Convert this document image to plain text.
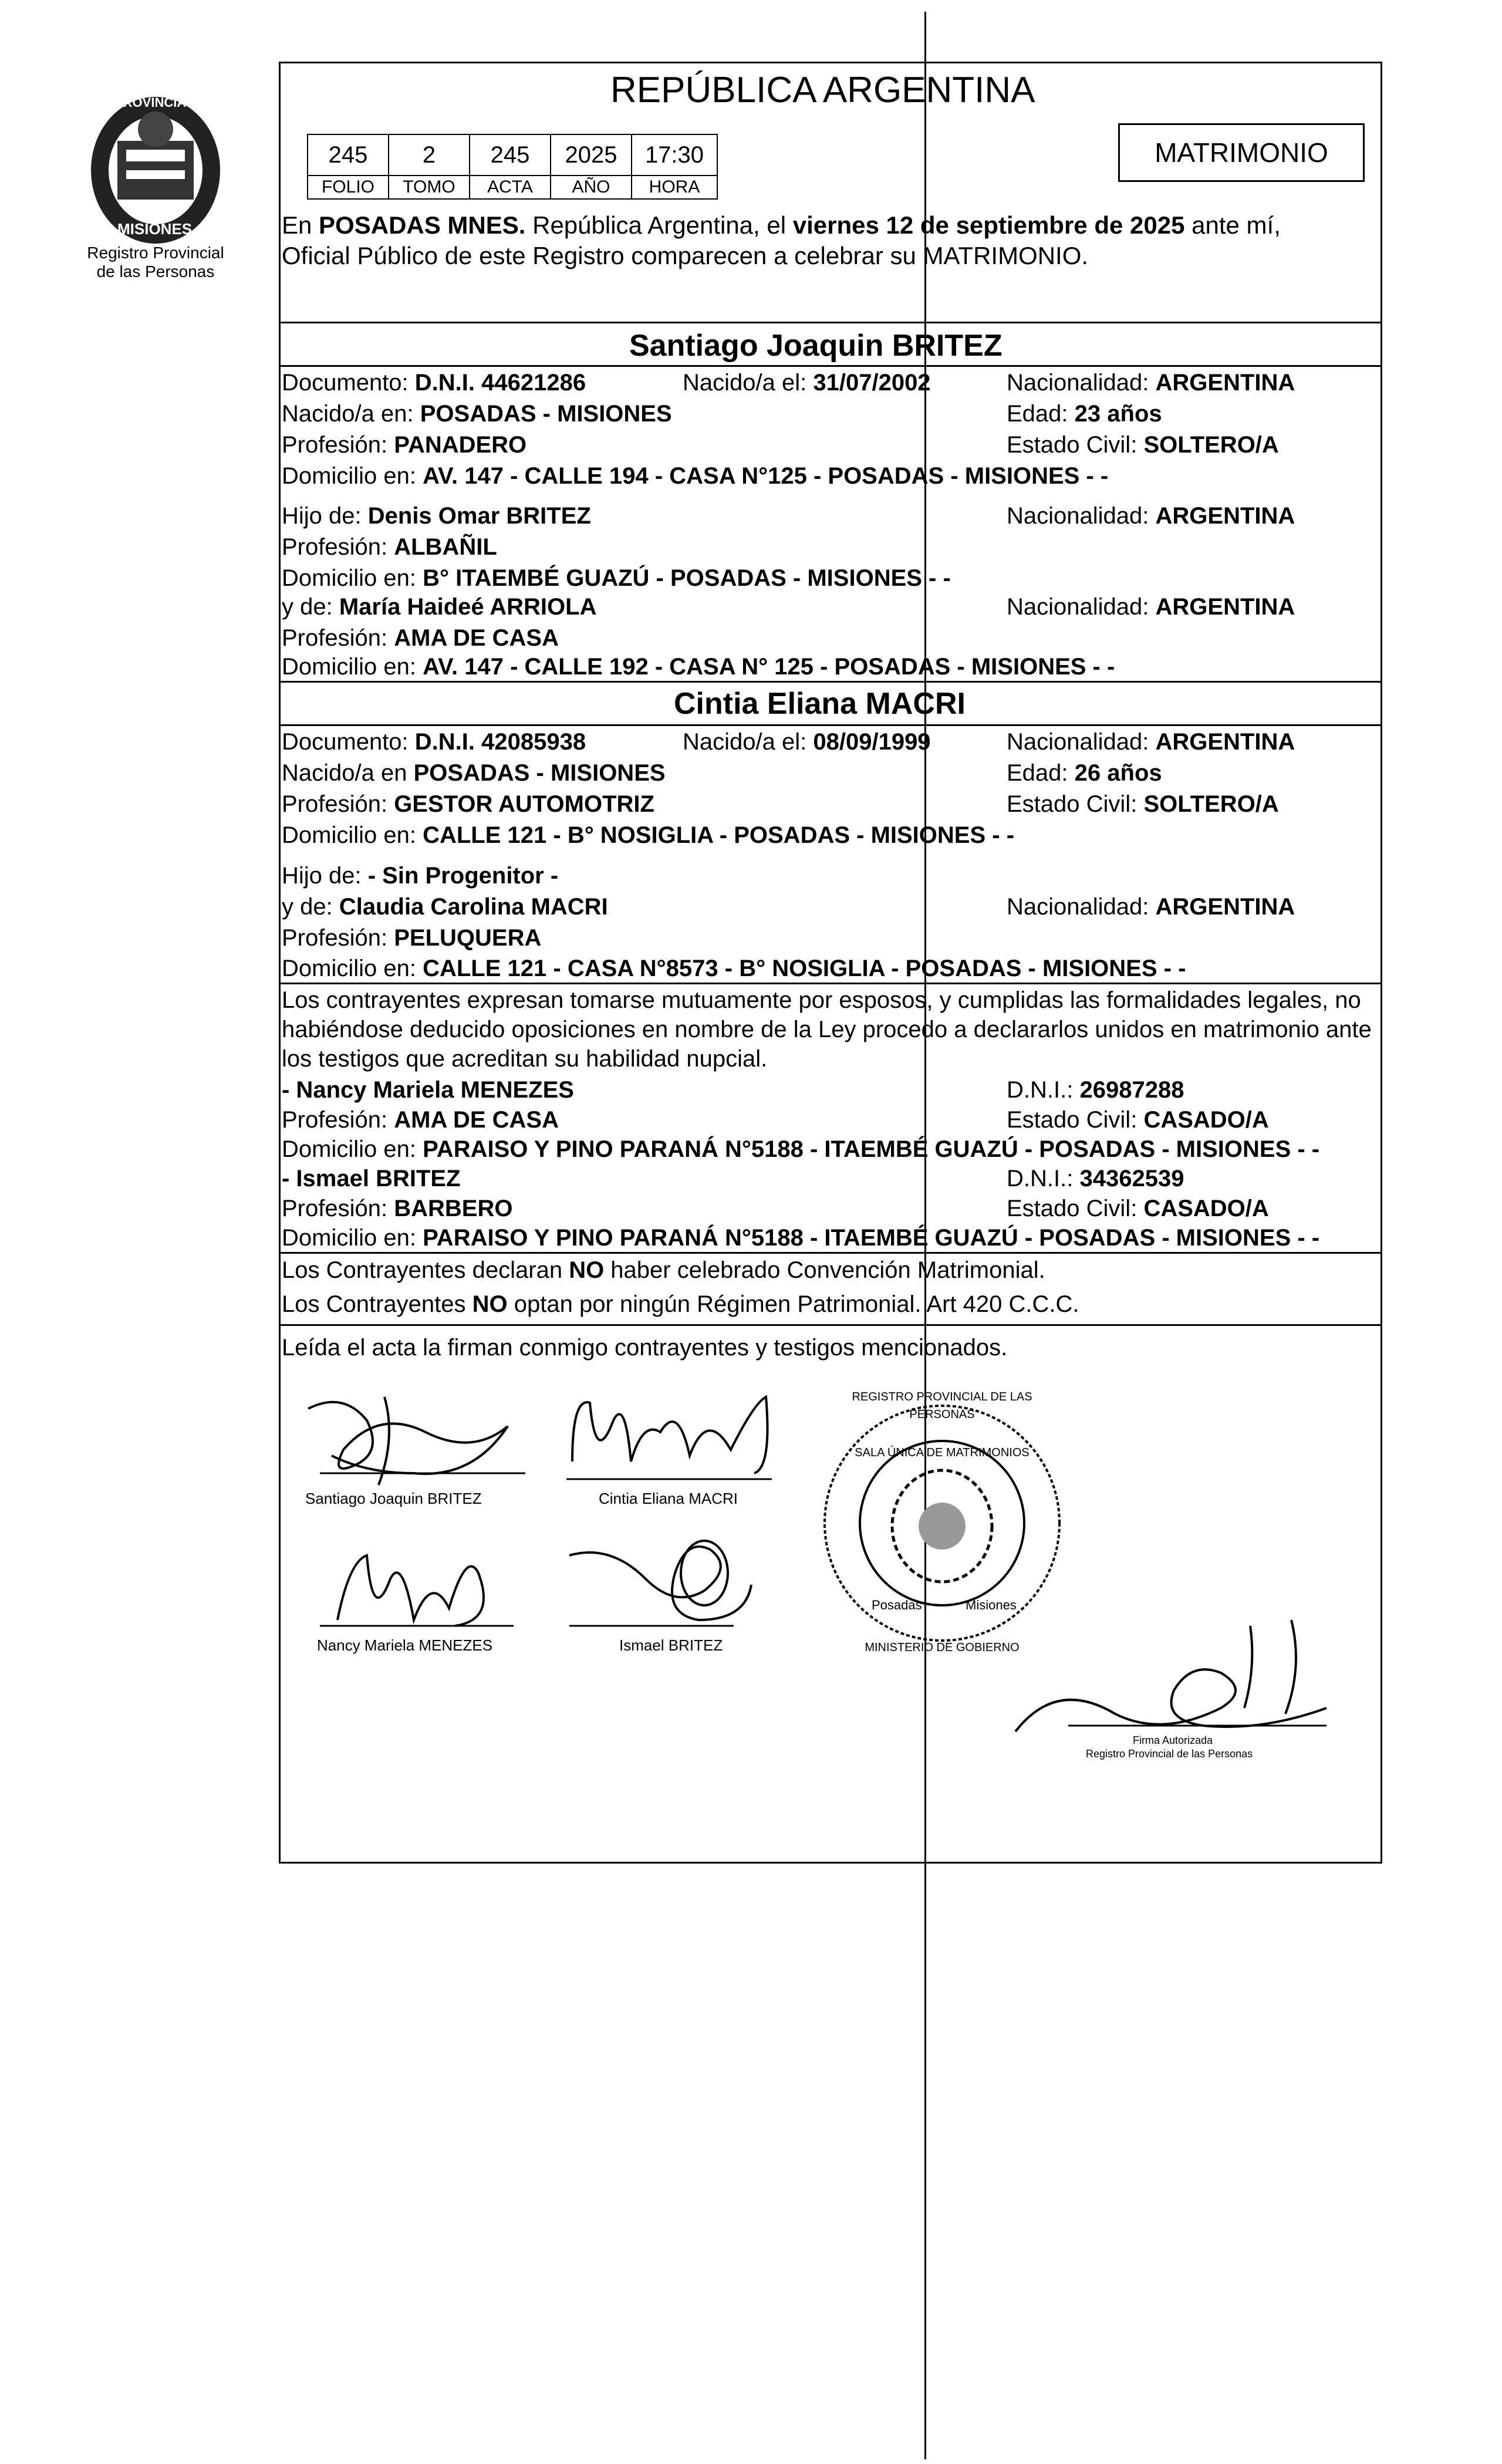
PROVINCIA DE
MISIONES
Registro Provincial
de las Personas
REPÚBLICA ARGENTINA
245	2	245	2025	17:30
FOLIO	TOMO	ACTA	AÑO	HORA
MATRIMONIO
En POSADAS MNES. República Argentina, el viernes 12 de septiembre de 2025 ante mí,
Oficial Público de este Registro comparecen a celebrar su MATRIMONIO.
Santiago Joaquin BRITEZ
Documento: D.N.I. 44621286	Nacido/a el: 31/07/2002	Nacionalidad: ARGENTINA
Nacido/a en: POSADAS - MISIONES	Edad: 23 años
Profesión: PANADERO	Estado Civil: SOLTERO/A
Domicilio en: AV. 147 - CALLE 194 - CASA N°125 - POSADAS - MISIONES - -
Hijo de: Denis Omar BRITEZ	Nacionalidad: ARGENTINA
Profesión: ALBAÑIL
Domicilio en: B° ITAEMBÉ GUAZÚ - POSADAS - MISIONES - -
y de: María Haideé ARRIOLA	Nacionalidad: ARGENTINA
Profesión: AMA DE CASA
Domicilio en: AV. 147 - CALLE 192 - CASA N° 125 - POSADAS - MISIONES - -
Cintia Eliana MACRI
Documento: D.N.I. 42085938	Nacido/a el: 08/09/1999	Nacionalidad: ARGENTINA
Nacido/a en POSADAS - MISIONES	Edad: 26 años
Profesión: GESTOR AUTOMOTRIZ	Estado Civil: SOLTERO/A
Domicilio en: CALLE 121 - B° NOSIGLIA - POSADAS - MISIONES - -
Hijo de: - Sin Progenitor -
y de: Claudia Carolina MACRI	Nacionalidad: ARGENTINA
Profesión: PELUQUERA
Domicilio en: CALLE 121 - CASA N°8573 - B° NOSIGLIA - POSADAS - MISIONES - -
Los contrayentes expresan tomarse mutuamente por esposos, y cumplidas las formalidades legales, no
habiéndose deducido oposiciones en nombre de la Ley procedo a declararlos unidos en matrimonio ante
los testigos que acreditan su habilidad nupcial.
- Nancy Mariela MENEZES	D.N.I.: 26987288
Profesión: AMA DE CASA	Estado Civil: CASADO/A
Domicilio en: PARAISO Y PINO PARANÁ N°5188 - ITAEMBÉ GUAZÚ - POSADAS - MISIONES - -
- Ismael BRITEZ	D.N.I.: 34362539
Profesión: BARBERO	Estado Civil: CASADO/A
Domicilio en: PARAISO Y PINO PARANÁ N°5188 - ITAEMBÉ GUAZÚ - POSADAS - MISIONES - -
Los Contrayentes declaran NO haber celebrado Convención Matrimonial.
Los Contrayentes NO optan por ningún Régimen Patrimonial. Art 420 C.C.C.
Leída el acta la firman conmigo contrayentes y testigos mencionados.
Santiago Joaquin BRITEZ	Cintia Eliana MACRI
Nancy Mariela MENEZES	Ismael BRITEZ
REGISTRO PROVINCIAL DE LAS PERSONAS
SALA ÚNICA DE MATRIMONIOS
Posadas	Misiones
MINISTERIO DE GOBIERNO
Firma Autorizada
Registro Provincial de las Personas
